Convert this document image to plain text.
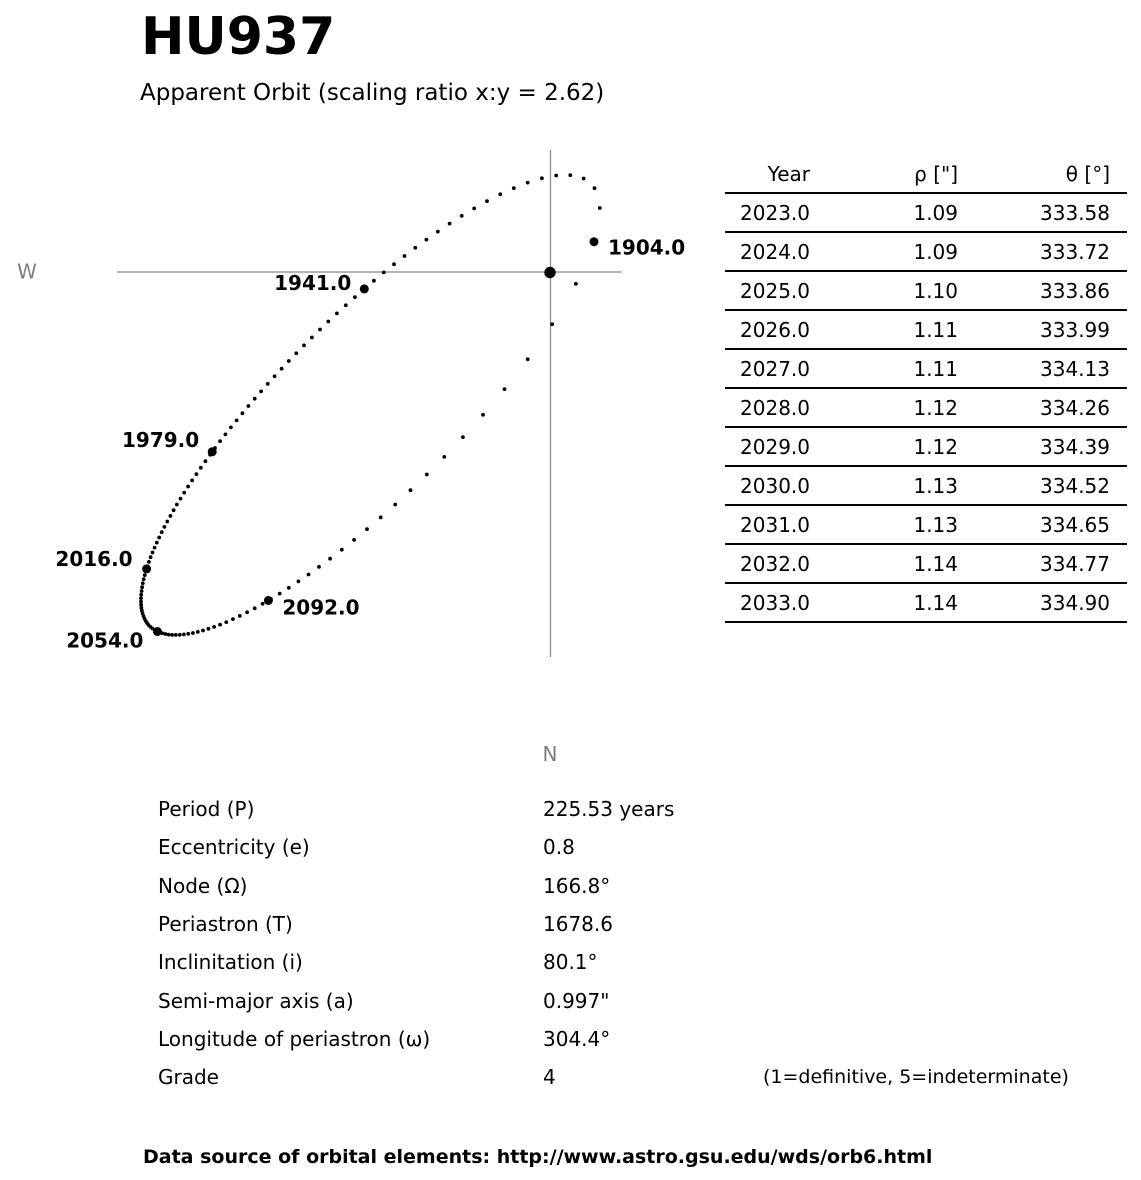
1904.0
1941.0
1979.0
2016.0
2054.0
2092.0
W
N
HU937
Apparent Orbit (scaling ratio x:y = 2.62)
Year	ρ ["]	θ [°]
2023.0	1.09	333.58
2024.0	1.09	333.72
2025.0	1.10	333.86
2026.0	1.11	333.99
2027.0	1.11	334.13
2028.0	1.12	334.26
2029.0	1.12	334.39
2030.0	1.13	334.52
2031.0	1.13	334.65
2032.0	1.14	334.77
2033.0	1.14	334.90
Period (P)	225.53 years
Eccentricity (e)	0.8
Node (Ω)	166.8°
Periastron (T)	1678.6
Inclinitation (i)	80.1°
Semi-major axis (a)	0.997"
Longitude of periastron (ω)	304.4°
Grade	4	(1=definitive, 5=indeterminate)
Data source of orbital elements: http://www.astro.gsu.edu/wds/orb6.html
